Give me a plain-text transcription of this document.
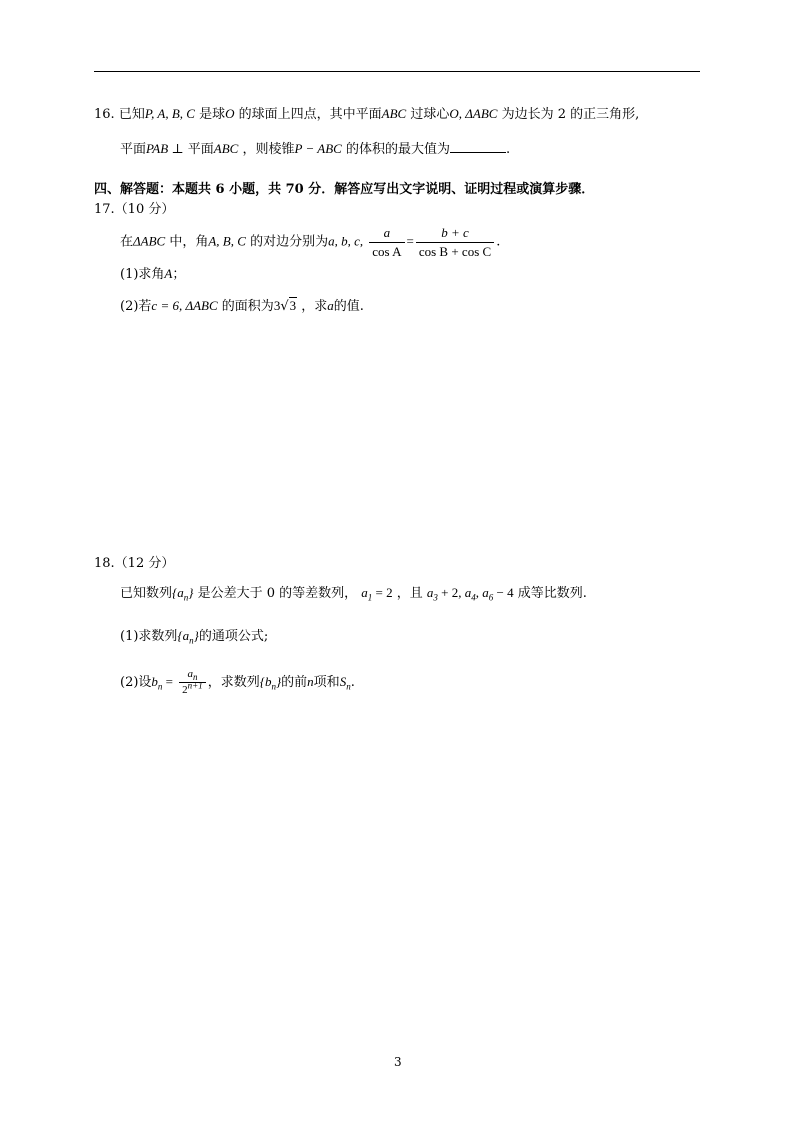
16. 已知P, A, B, C 是球O 的球面上四点，其中平面ABC 过球心O, ΔABC 为边长为 2 的正三角形,
平面PAB ⊥ 平面ABC ，则棱锥P − ABC 的体积的最大值为	.
四、解答题：本题共 6 小题，共 70 分．解答应写出文字说明、证明过程或演算步骤．
17.（10 分）
在ΔABC 中，角A, B, C 的对边分别为a, b, c, $\frac{a}{\text{cos A}} = \frac{b + c}{\text{cos B + cos C}}$ .
(1)求角A；
(2)若c = 6, ΔABC 的面积为3√3 ，求a的值.
18.（12 分）
已知数列$\{a_n\}$ 是公差大于 0 的等差数列， $a_1 = 2$ ，且 $a_3 + 2$, $a_4$, $a_6 - 4$ 成等比数列.
(1)求数列$\{a_n\}$的通项公式;
(2)设$b_n = \frac{a_n}{2^{n+1}}$ ，求数列$\{b_n\}$的前n项和$S_n$.
3
